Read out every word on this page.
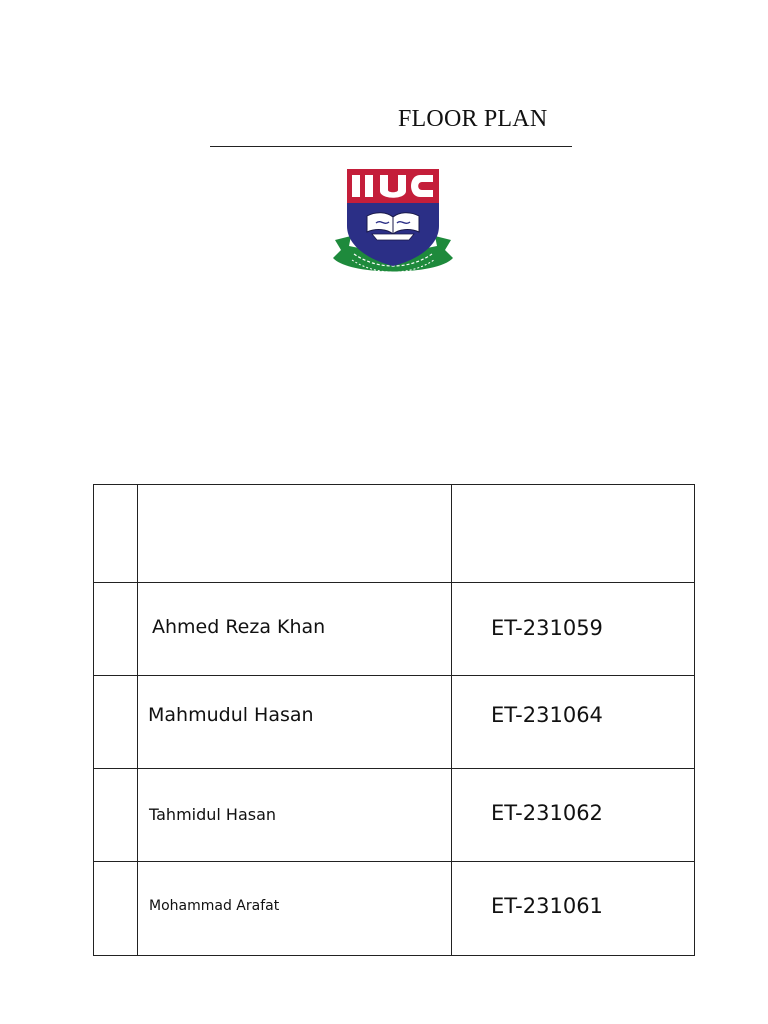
FLOOR PLAN

	Ahmed Reza Khan	ET-231059

	Mahmudul Hasan	ET-231064

	Tahmidul Hasan	ET-231062

	Mohammad Arafat	ET-231061
